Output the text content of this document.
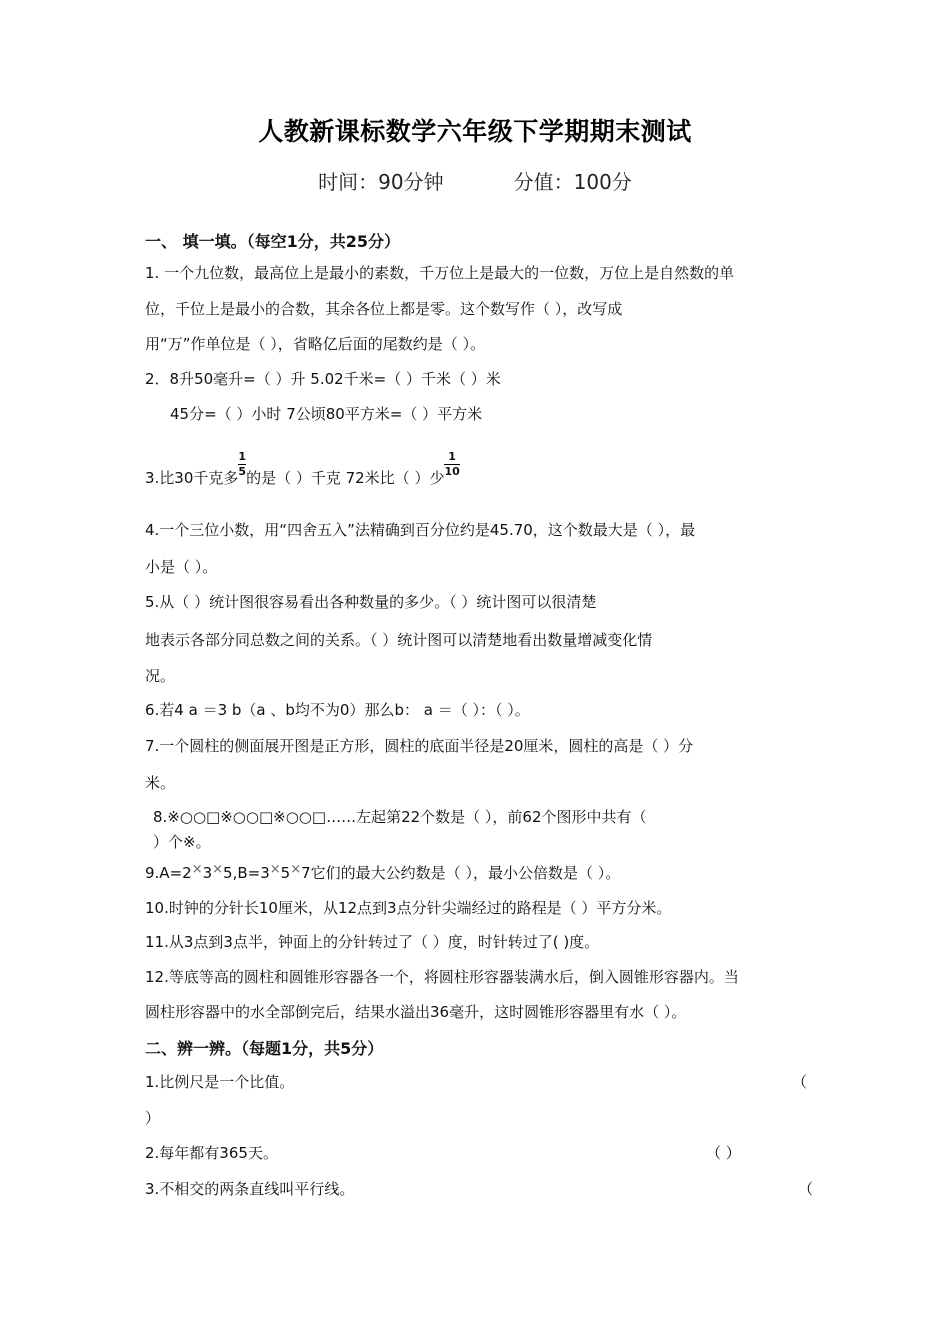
人教新课标数学六年级下学期期末测试
时间：90分钟	分值：100分
一、 填一填。（每空1分，共25分）
1. 一个九位数，最高位上是最小的素数，千万位上是最大的一位数，万位上是自然数的单
位，千位上是最小的合数，其余各位上都是零。这个数写作（ ），改写成
用“万”作单位是（ ），省略亿后面的尾数约是（ ）。
2．8升50毫升=（ ）升 5.02千米=（ ）千米（ ）米
45分=（ ）小时 7公顷80平方米=（ ）平方米
3.比30千克多 $\frac{1}{5}$ 的是（ ）千克 72米比（ ）少 $\frac{1}{10}$
4.一个三位小数，用“四舍五入”法精确到百分位约是45.70，这个数最大是（ ），最
小是（ ）。
5.从（ ）统计图很容易看出各种数量的多少。（ ）统计图可以很清楚
地表示各部分同总数之间的关系。（ ）统计图可以清楚地看出数量增减变化情
况。
6.若4 a ＝3 b（a 、b均不为0）那么b： a ＝（ ）：（ ）。
7.一个圆柱的侧面展开图是正方形，圆柱的底面半径是20厘米，圆柱的高是（ ）分
米。
8.※○○□※○○□※○○□……左起第22个数是（ ），前62个图形中共有（
）个※。
9.A=2×3×5,B=3×5×7它们的最大公约数是（ ），最小公倍数是（ ）。
10.时钟的分针长10厘米，从12点到3点分针尖端经过的路程是（ ）平方分米。
11.从3点到3点半，钟面上的分针转过了（ ）度，时针转过了( )度。
12.等底等高的圆柱和圆锥形容器各一个，将圆柱形容器装满水后，倒入圆锥形容器内。当
圆柱形容器中的水全部倒完后，结果水溢出36毫升，这时圆锥形容器里有水（ ）。
二、辨一辨。（每题1分，共5分）
1.比例尺是一个比值。	（
）
2.每年都有365天。	（ ）
3.不相交的两条直线叫平行线。	（
